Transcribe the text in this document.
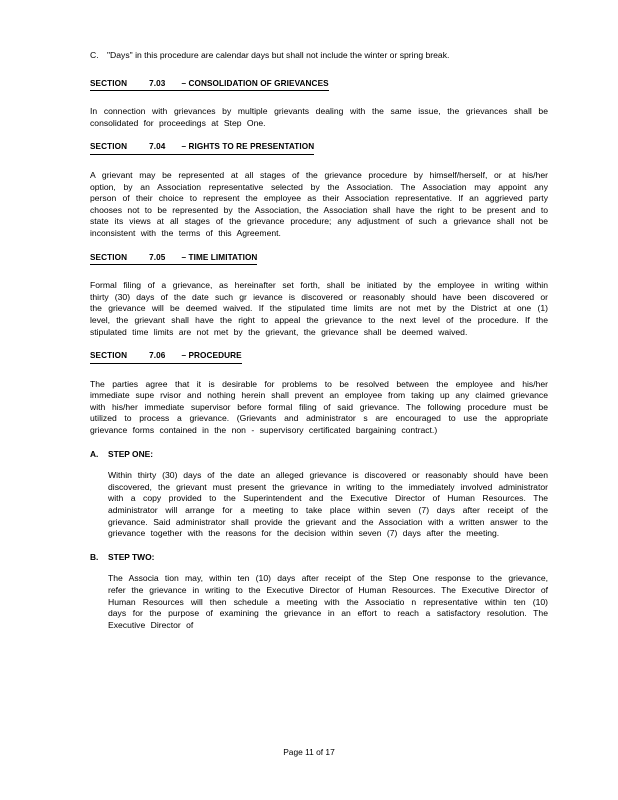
C. "Days" in this procedure are calendar days but shall not include the winter or spring break.
SECTION	7.03 – CONSOLIDATION OF GRIEVANCES

In connection with grievances by multiple grievants dealing with the same issue, the grievances shall be consolidated for proceedings at Step One.

SECTION	7.04 – RIGHTS TO RE PRESENTATION

A grievant may be represented at all stages of the grievance procedure by himself/herself, or at his/her option, by an Association representative selected by the Association. The Association may appoint any person of their choice to represent the employee as their Association representative. If an aggrieved party chooses not to be represented by the Association, the Association shall have the right to be present and to state its views at all stages of the grievance procedure; any adjustment of such a grievance shall not be inconsistent with the terms of this Agreement.

SECTION	7.05 – TIME LIMITATION

Formal filing of a grievance, as hereinafter set forth, shall be initiated by the employee in writing within thirty (30) days of the date such gr ievance is discovered or reasonably should have been discovered or the grievance will be deemed waived. If the stipulated time limits are not met by the District at one (1) level, the grievant shall have the right to appeal the grievance to the next level of the procedure. If the stipulated time limits are not met by the grievant, the grievance shall be deemed waived.

SECTION	7.06 – PROCEDURE

The parties agree that it is desirable for problems to be resolved between the employee and his/her immediate supe rvisor and nothing herein shall prevent an employee from taking up any claimed grievance with his/her immediate supervisor before formal filing of said grievance. The following procedure must be utilized to process a grievance. (Grievants and administrator s are encouraged to use the appropriate grievance forms contained in the non - supervisory certificated bargaining contract.)

A.	STEP ONE:

Within thirty (30) days of the date an alleged grievance is discovered or reasonably should have been discovered, the grievant must present the grievance in writing to the immediately involved administrator with a copy provided to the Superintendent and the Executive Director of Human Resources. The administrator will arrange for a meeting to take place within seven (7) days after receipt of the grievance. Said administrator shall provide the grievant and the Association with a written answer to the grievance together with the reasons for the decision within seven (7) days after the meeting.

B.	STEP TWO:

The Associa tion may, within ten (10) days after receipt of the Step One response to the grievance, refer the grievance in writing to the Executive Director of Human Resources. The Executive Director of Human Resources will then schedule a meeting with the Associatio n representative within ten (10) days for the purpose of examining the grievance in an effort to reach a satisfactory resolution. The Executive Director of

Page 11 of 17
